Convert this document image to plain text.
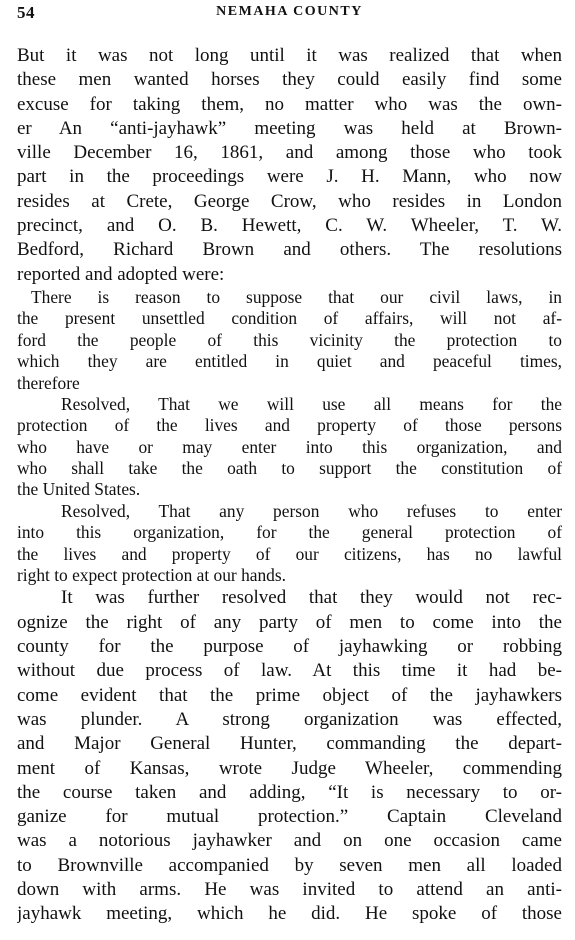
54	NEMAHA COUNTY
But it was not long until it was realized that when
these men wanted horses they could easily find some
excuse for taking them, no matter who was the own-
er An “anti-jayhawk” meeting was held at Brown-
ville December 16, 1861, and among those who took
part in the proceedings were J. H. Mann, who now
resides at Crete, George Crow, who resides in London
precinct, and O. B. Hewett, C. W. Wheeler, T. W.
Bedford, Richard Brown and others. The resolutions
reported and adopted were:
There is reason to suppose that our civil laws, in
the present unsettled condition of affairs, will not af-
ford the people of this vicinity the protection to
which they are entitled in quiet and peaceful times,
therefore
Resolved, That we will use all means for the
protection of the lives and property of those persons
who have or may enter into this organization, and
who shall take the oath to support the constitution of
the United States.
Resolved, That any person who refuses to enter
into this organization, for the general protection of
the lives and property of our citizens, has no lawful
right to expect protection at our hands.
It was further resolved that they would not rec-
ognize the right of any party of men to come into the
county for the purpose of jayhawking or robbing
without due process of law. At this time it had be-
come evident that the prime object of the jayhawkers
was plunder. A strong organization was effected,
and Major General Hunter, commanding the depart-
ment of Kansas, wrote Judge Wheeler, commending
the course taken and adding, “It is necessary to or-
ganize for mutual protection.” Captain Cleveland
was a notorious jayhawker and on one occasion came
to Brownville accompanied by seven men all loaded
down with arms. He was invited to attend an anti-
jayhawk meeting, which he did. He spoke of those
